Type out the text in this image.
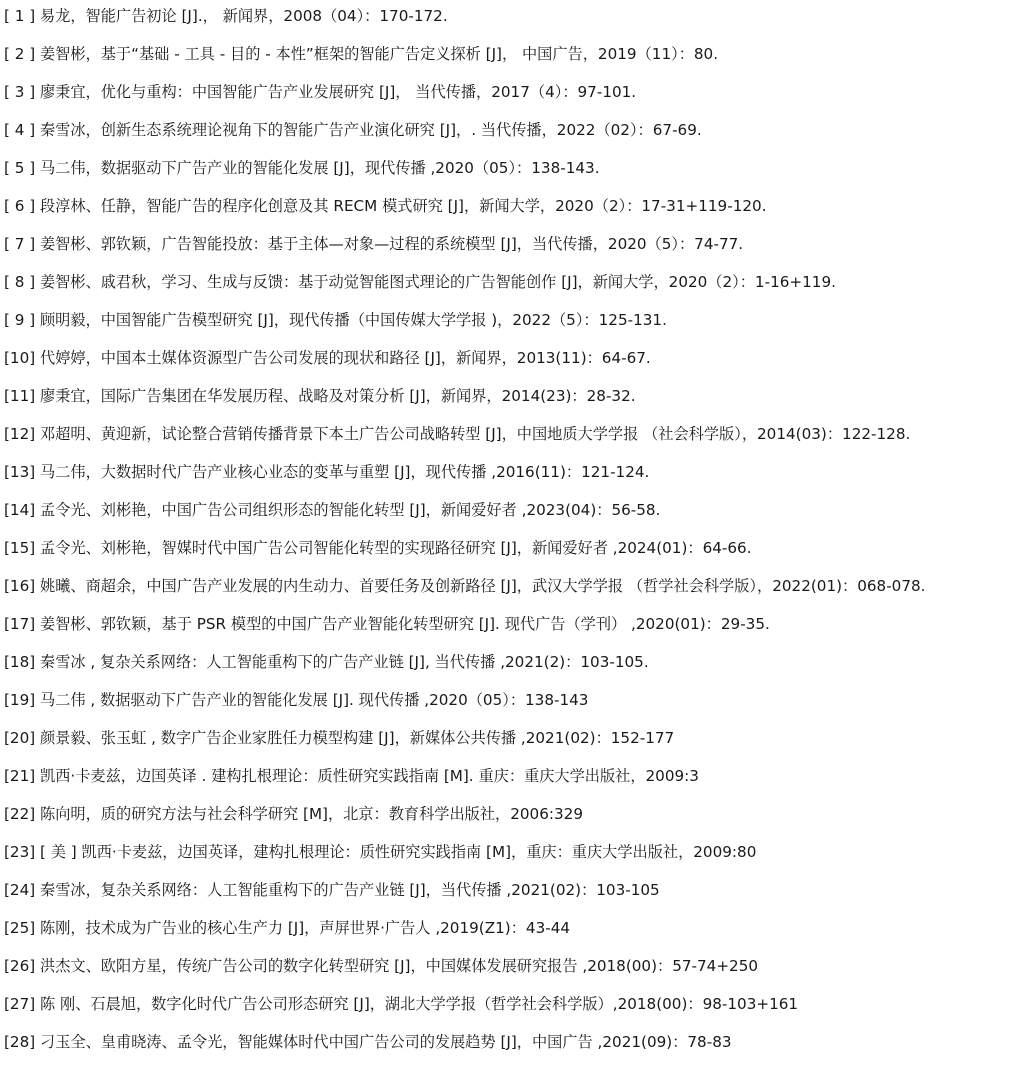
[ 1 ] 易龙，智能广告初论 [J].， 新闻界，2008（04）：170-172.
[ 2 ] 姜智彬，基于“基础 - 工具 - 目的 - 本性”框架的智能广告定义探析 [J]， 中国广告，2019（11）：80.
[ 3 ] 廖秉宜，优化与重构：中国智能广告产业发展研究 [J]， 当代传播，2017（4）：97-101.
[ 4 ] 秦雪冰，创新生态系统理论视角下的智能广告产业演化研究 [J]，. 当代传播，2022（02）：67-69.
[ 5 ] 马二伟，数据驱动下广告产业的智能化发展 [J]，现代传播 ,2020（05）：138-143.
[ 6 ] 段淳林、任静，智能广告的程序化创意及其 RECM 模式研究 [J]，新闻大学，2020（2）：17-31+119-120.
[ 7 ] 姜智彬、郭钦颖，广告智能投放：基于主体—对象—过程的系统模型 [J]，当代传播，2020（5）：74-77.
[ 8 ] 姜智彬、戚君秋，学习、生成与反馈：基于动觉智能图式理论的广告智能创作 [J]，新闻大学，2020（2）：1-16+119.
[ 9 ] 顾明毅，中国智能广告模型研究 [J]，现代传播（中国传媒大学学报 )，2022（5）：125-131.
[10] 代婷婷，中国本土媒体资源型广告公司发展的现状和路径 [J]，新闻界，2013(11)：64-67.
[11] 廖秉宜，国际广告集团在华发展历程、战略及对策分析 [J]，新闻界，2014(23)：28-32.
[12] 邓超明、黄迎新，试论整合营销传播背景下本土广告公司战略转型 [J]，中国地质大学学报 （社会科学版），2014(03)：122-128.
[13] 马二伟，大数据时代广告产业核心业态的变革与重塑 [J]，现代传播 ,2016(11)：121-124.
[14] 孟令光、刘彬艳，中国广告公司组织形态的智能化转型 [J]，新闻爱好者 ,2023(04)：56-58.
[15] 孟令光、刘彬艳，智媒时代中国广告公司智能化转型的实现路径研究 [J]，新闻爱好者 ,2024(01)：64-66.
[16] 姚曦、商超余，中国广告产业发展的内生动力、首要任务及创新路径 [J]，武汉大学学报 （哲学社会科学版），2022(01)：068-078.
[17] 姜智彬、郭钦颖，基于 PSR 模型的中国广告产业智能化转型研究 [J]. 现代广告（学刊） ,2020(01)：29-35.
[18] 秦雪冰 , 复杂关系网络：人工智能重构下的广告产业链 [J], 当代传播 ,2021(2)：103-105.
[19] 马二伟 , 数据驱动下广告产业的智能化发展 [J]. 现代传播 ,2020（05）：138-143
[20] 颜景毅、张玉虹 , 数字广告企业家胜任力模型构建 [J]，新媒体公共传播 ,2021(02)：152-177
[21] 凯西·卡麦兹，边国英译 . 建构扎根理论：质性研究实践指南 [M]. 重庆：重庆大学出版社，2009:3
[22] 陈向明，质的研究方法与社会科学研究 [M]，北京：教育科学出版社，2006:329
[23] [ 美 ] 凯西·卡麦兹，边国英译，建构扎根理论：质性研究实践指南 [M]，重庆：重庆大学出版社，2009:80
[24] 秦雪冰，复杂关系网络：人工智能重构下的广告产业链 [J]，当代传播 ,2021(02)：103-105
[25] 陈刚，技术成为广告业的核心生产力 [J]，声屏世界·广告人 ,2019(Z1)：43-44
[26] 洪杰文、欧阳方星，传统广告公司的数字化转型研究 [J]，中国媒体发展研究报告 ,2018(00)：57-74+250
[27] 陈 刚、石晨旭，数字化时代广告公司形态研究 [J]，湖北大学学报（哲学社会科学版）,2018(00)：98-103+161
[28] 刁玉全、皇甫晓涛、孟令光，智能媒体时代中国广告公司的发展趋势 [J]，中国广告 ,2021(09)：78-83
